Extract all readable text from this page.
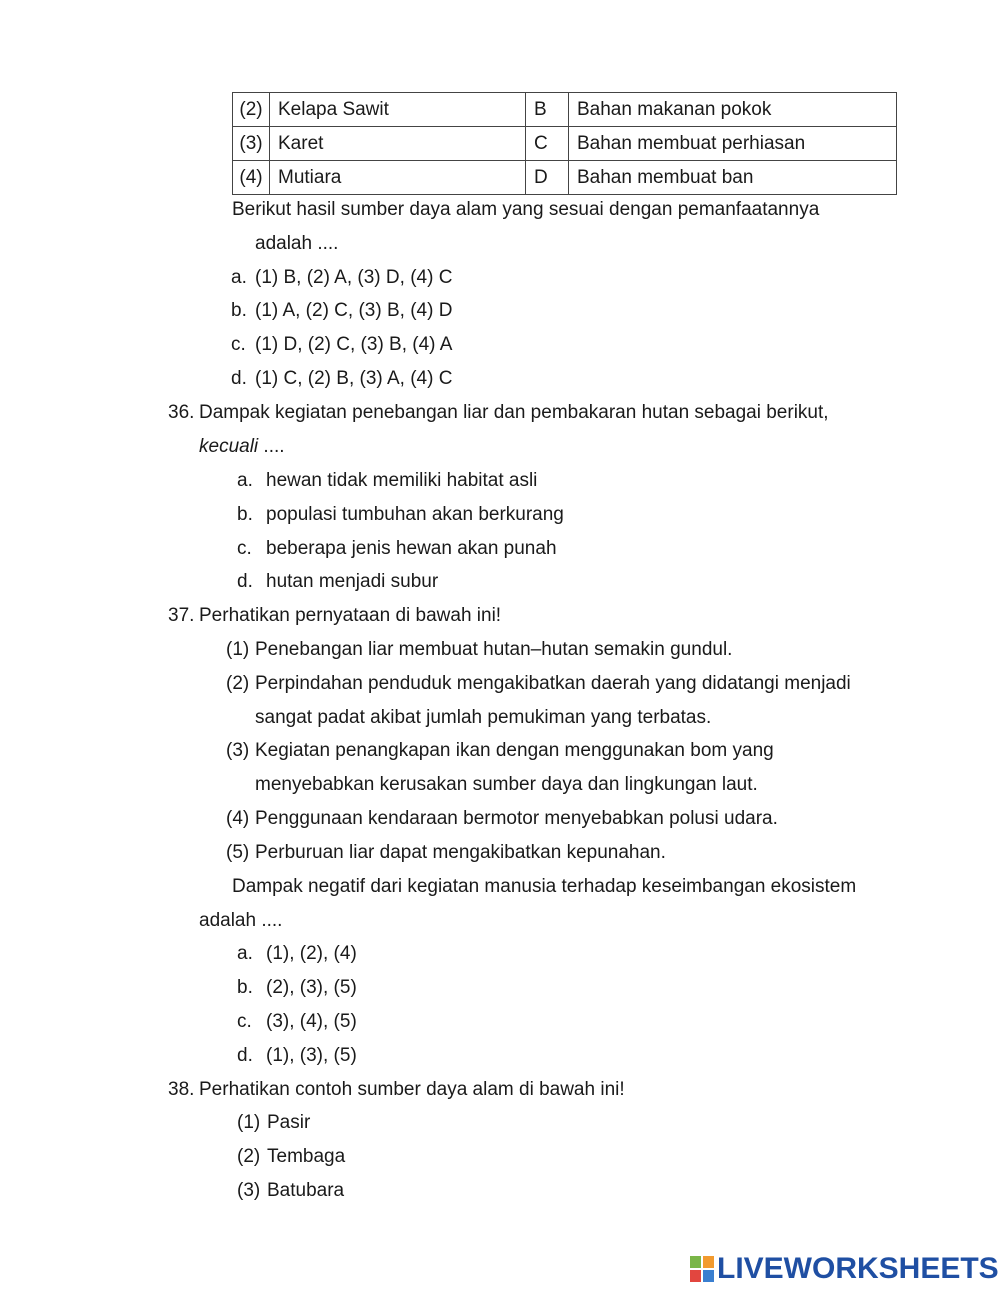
(2)	Kelapa Sawit	B	Bahan makanan pokok
(3)	Karet	C	Bahan membuat perhiasan
(4)	Mutiara	D	Bahan membuat ban
Berikut hasil sumber daya alam yang sesuai dengan pemanfaatannya
adalah ....
a. (1) B, (2) A, (3) D, (4) C
b. (1) A, (2) C, (3) B, (4) D
c. (1) D, (2) C, (3) B, (4) A
d. (1) C, (2) B, (3) A, (4) C
36. Dampak kegiatan penebangan liar dan pembakaran hutan sebagai berikut,
kecuali ....
a. hewan tidak memiliki habitat asli
b. populasi tumbuhan akan berkurang
c. beberapa jenis hewan akan punah
d. hutan menjadi subur
37. Perhatikan pernyataan di bawah ini!
(1) Penebangan liar membuat hutan–hutan semakin gundul.
(2) Perpindahan penduduk mengakibatkan daerah yang didatangi menjadi
sangat padat akibat jumlah pemukiman yang terbatas.
(3) Kegiatan penangkapan ikan dengan menggunakan bom yang
menyebabkan kerusakan sumber daya dan lingkungan laut.
(4) Penggunaan kendaraan bermotor menyebabkan polusi udara.
(5) Perburuan liar dapat mengakibatkan kepunahan.
Dampak negatif dari kegiatan manusia terhadap keseimbangan ekosistem
adalah ....
a. (1), (2), (4)
b. (2), (3), (5)
c. (3), (4), (5)
d. (1), (3), (5)
38. Perhatikan contoh sumber daya alam di bawah ini!
(1) Pasir
(2) Tembaga
(3) Batubara
LIVEWORKSHEETS
